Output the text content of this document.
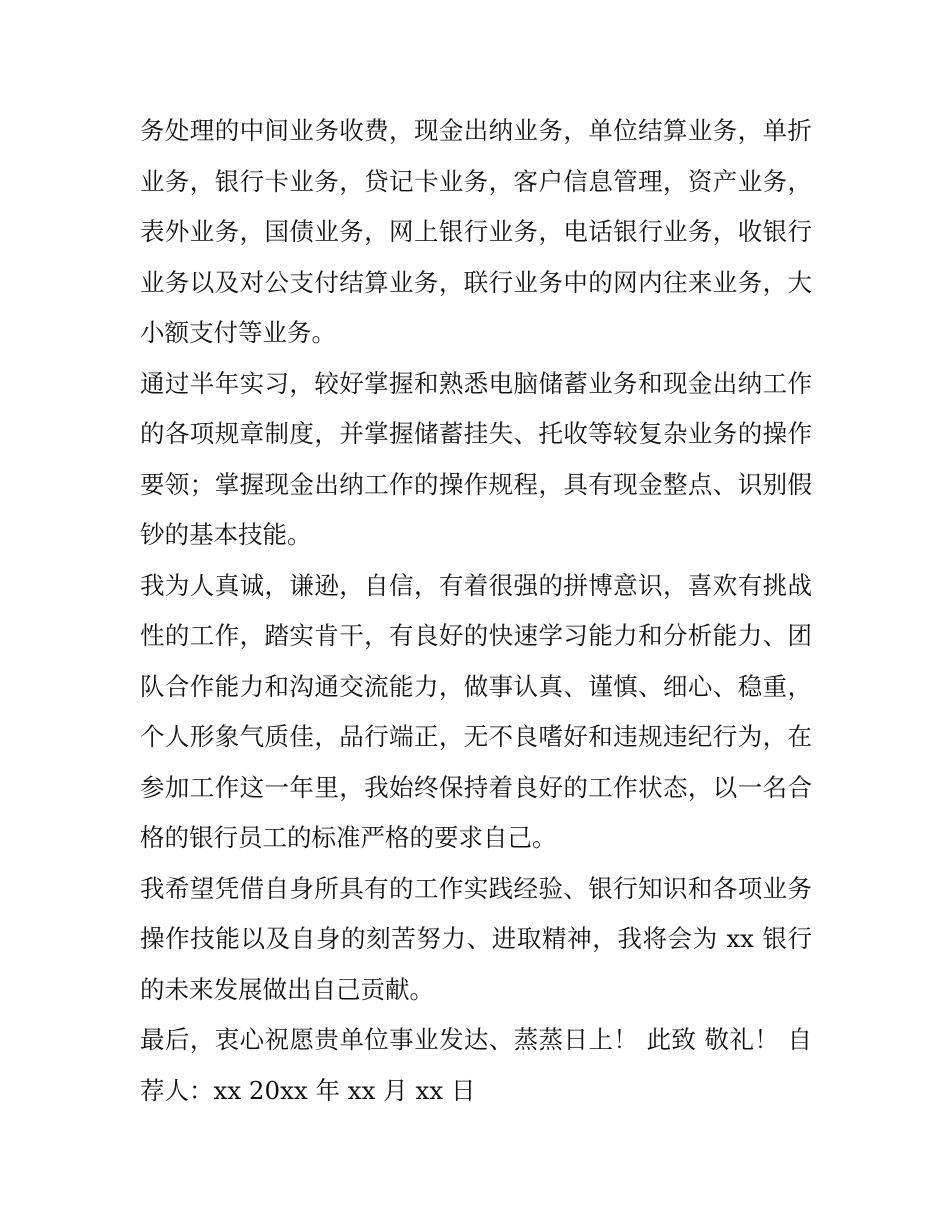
务处理的中间业务收费，现金出纳业务，单位结算业务，单折业务，银行卡业务，贷记卡业务，客户信息管理，资产业务，表外业务，国债业务，网上银行业务，电话银行业务，收银行业务以及对公支付结算业务，联行业务中的网内往来业务，大小额支付等业务。

通过半年实习，较好掌握和熟悉电脑储蓄业务和现金出纳工作的各项规章制度，并掌握储蓄挂失、托收等较复杂业务的操作要领；掌握现金出纳工作的操作规程，具有现金整点、识别假钞的基本技能。

我为人真诚，谦逊，自信，有着很强的拼博意识，喜欢有挑战性的工作，踏实肯干，有良好的快速学习能力和分析能力、团队合作能力和沟通交流能力，做事认真、谨慎、细心、稳重，个人形象气质佳，品行端正，无不良嗜好和违规违纪行为，在参加工作这一年里，我始终保持着良好的工作状态，以一名合格的银行员工的标准严格的要求自己。

我希望凭借自身所具有的工作实践经验、银行知识和各项业务操作技能以及自身的刻苦努力、进取精神，我将会为 xx 银行的未来发展做出自己贡献。

最后，衷心祝愿贵单位事业发达、蒸蒸日上！ 此致 敬礼！ 自荐人：xx 20xx 年 xx 月 xx 日
